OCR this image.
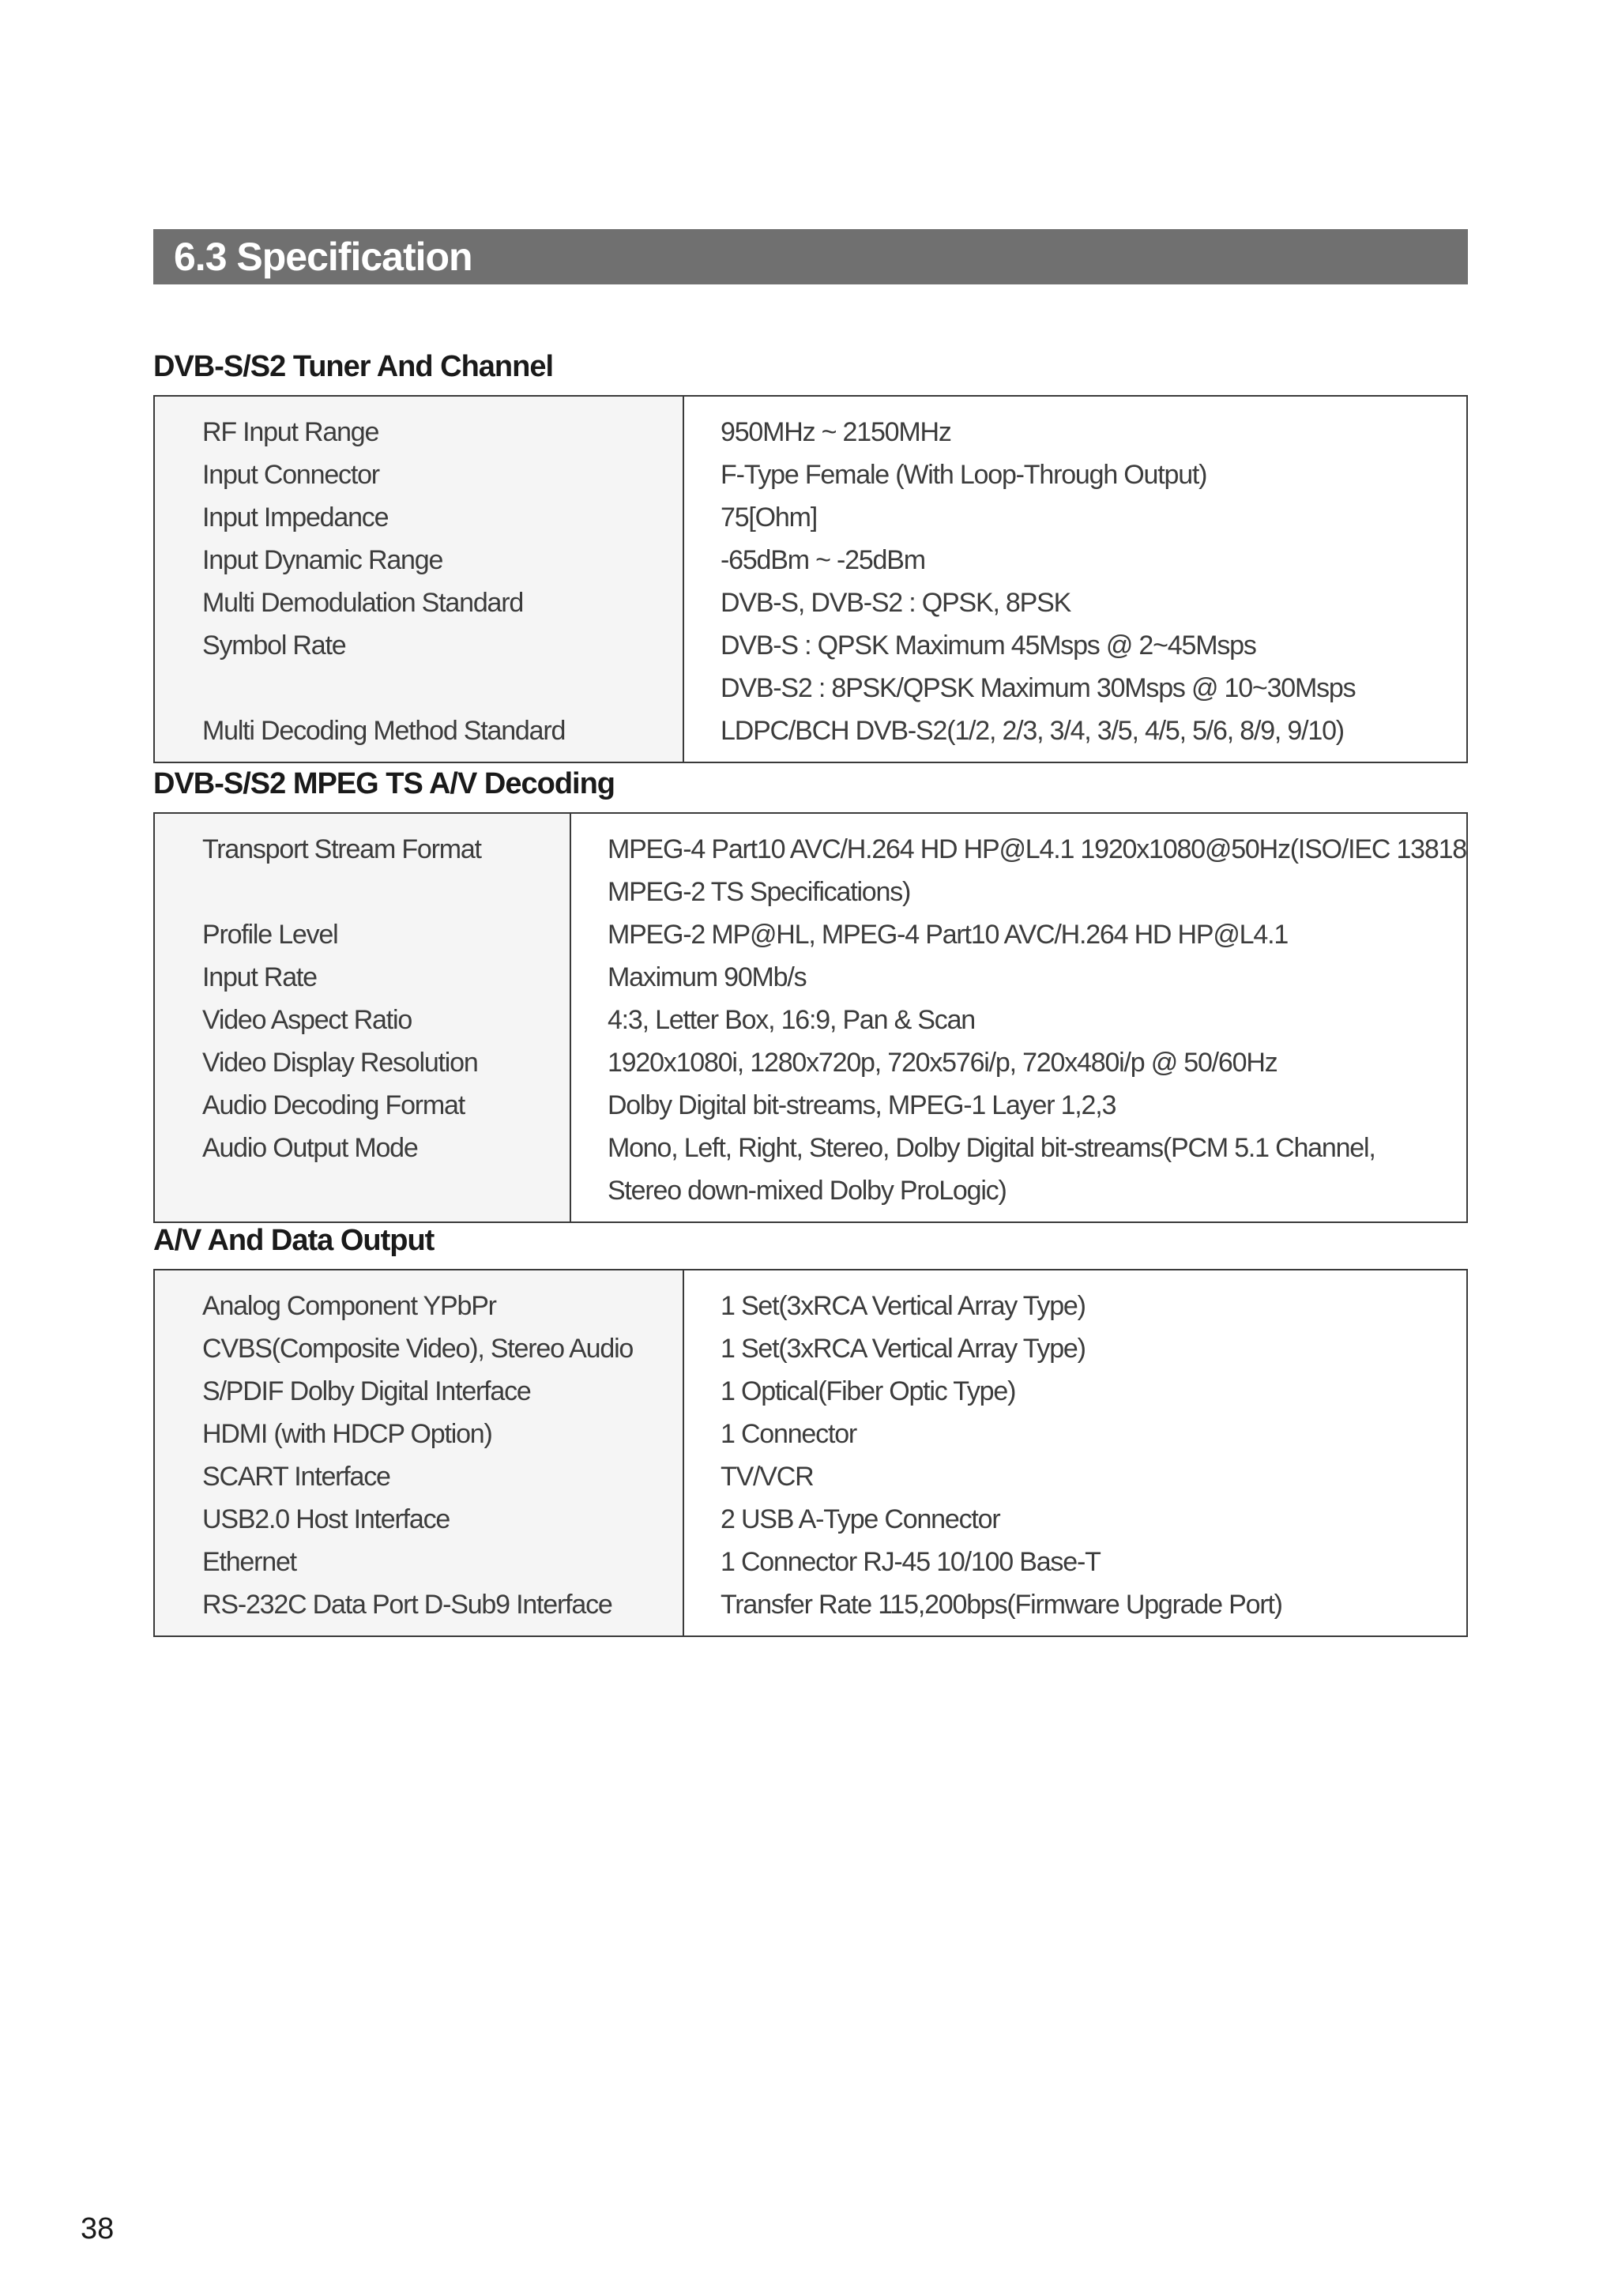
6.3 Specification
DVB-S/S2 Tuner And Channel
RF Input Range
Input Connector
Input Impedance
Input Dynamic Range
Multi Demodulation Standard
Symbol Rate
Multi Decoding Method Standard
950MHz ~ 2150MHz
F-Type Female (With Loop-Through Output)
75[Ohm]
-65dBm ~ -25dBm
DVB-S, DVB-S2 : QPSK, 8PSK
DVB-S : QPSK Maximum 45Msps @ 2~45Msps
DVB-S2 : 8PSK/QPSK Maximum 30Msps @ 10~30Msps
LDPC/BCH DVB-S2(1/2, 2/3, 3/4, 3/5, 4/5, 5/6, 8/9, 9/10)
DVB-S/S2 MPEG TS A/V Decoding
Transport Stream Format
Profile Level
Input Rate
Video Aspect Ratio
Video Display Resolution
Audio Decoding Format
Audio Output Mode
MPEG-4 Part10 AVC/H.264 HD HP@L4.1 1920x1080@50Hz(ISO/IEC 13818
MPEG-2 TS Specifications)
MPEG-2 MP@HL, MPEG-4 Part10 AVC/H.264 HD HP@L4.1
Maximum 90Mb/s
4:3, Letter Box, 16:9, Pan & Scan
1920x1080i, 1280x720p, 720x576i/p, 720x480i/p @ 50/60Hz
Dolby Digital bit-streams, MPEG-1 Layer 1,2,3
Mono, Left, Right, Stereo, Dolby Digital bit-streams(PCM 5.1 Channel,
Stereo down-mixed Dolby ProLogic)
A/V And Data Output
Analog Component YPbPr
CVBS(Composite Video), Stereo Audio
S/PDIF Dolby Digital Interface
HDMI (with HDCP Option)
SCART Interface
USB2.0 Host Interface
Ethernet
RS-232C Data Port D-Sub9 Interface
1 Set(3xRCA Vertical Array Type)
1 Set(3xRCA Vertical Array Type)
1 Optical(Fiber Optic Type)
1 Connector
TV/VCR
2 USB A-Type Connector
1 Connector RJ-45 10/100 Base-T
Transfer Rate 115,200bps(Firmware Upgrade Port)
38
